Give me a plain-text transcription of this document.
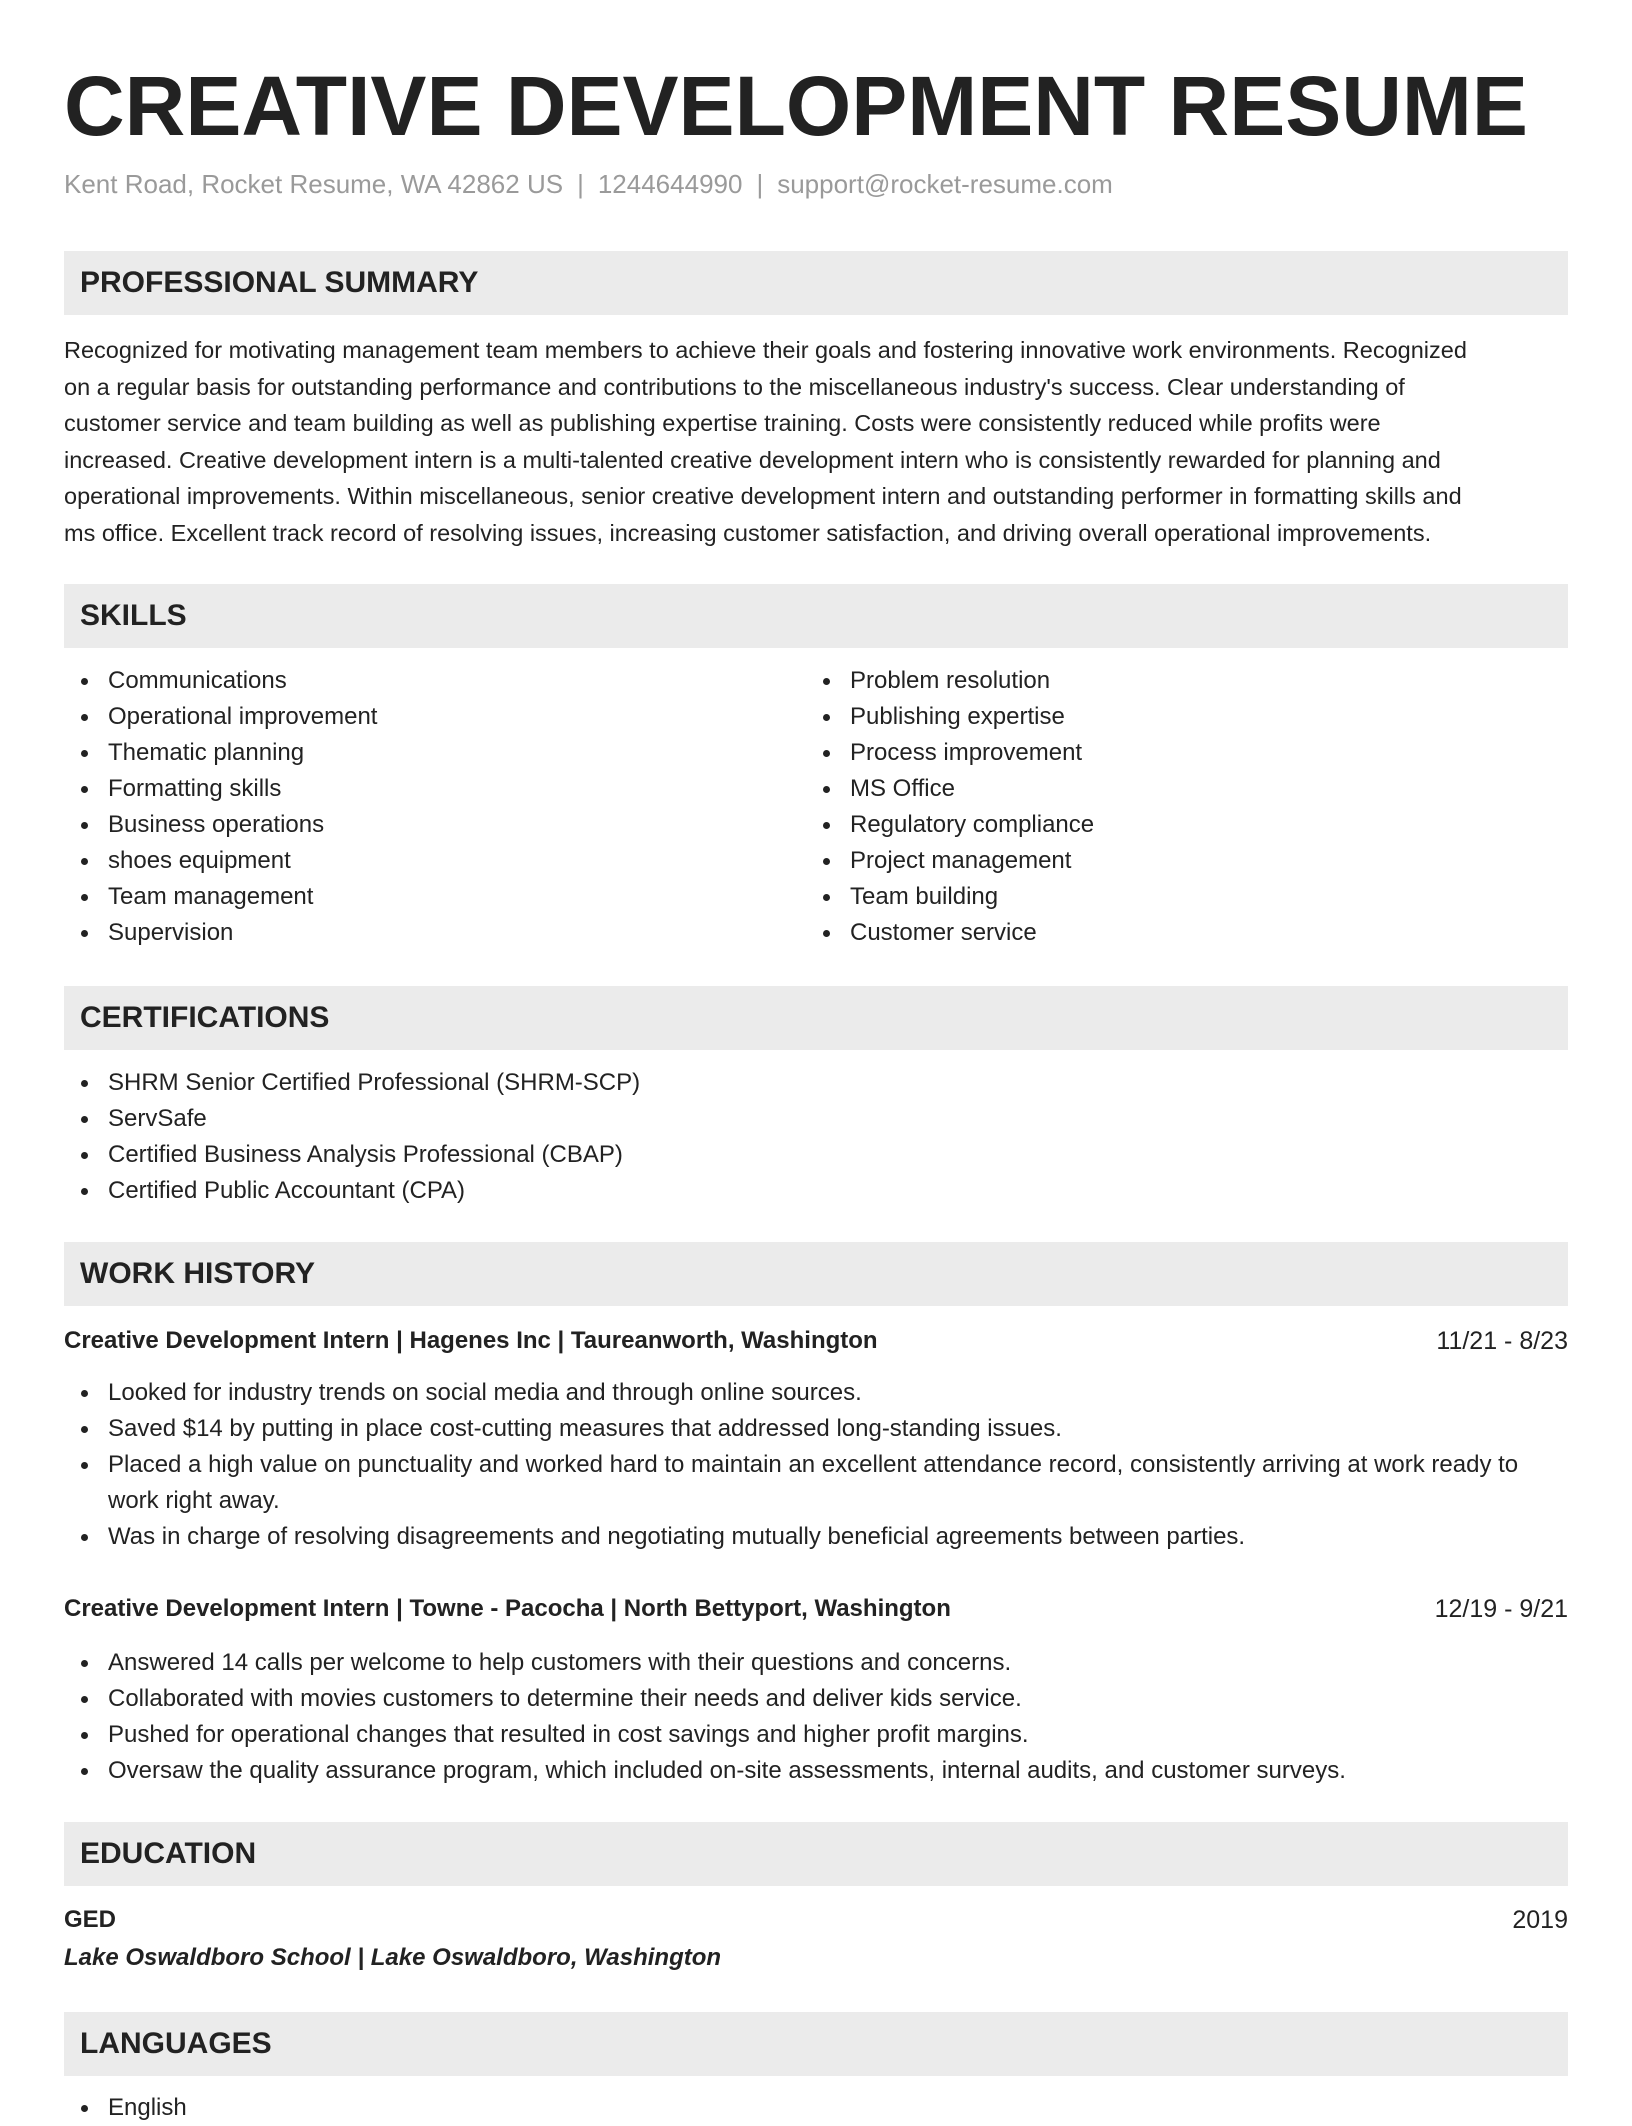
CREATIVE DEVELOPMENT RESUME
Kent Road, Rocket Resume, WA 42862 US | 1244644990 | support@rocket-resume.com
PROFESSIONAL SUMMARY
Recognized for motivating management team members to achieve their goals and fostering innovative work environments. Recognized
on a regular basis for outstanding performance and contributions to the miscellaneous industry's success. Clear understanding of
customer service and team building as well as publishing expertise training. Costs were consistently reduced while profits were
increased. Creative development intern is a multi-talented creative development intern who is consistently rewarded for planning and
operational improvements. Within miscellaneous, senior creative development intern and outstanding performer in formatting skills and
ms office. Excellent track record of resolving issues, increasing customer satisfaction, and driving overall operational improvements.
SKILLS
Communications
Operational improvement
Thematic planning
Formatting skills
Business operations
shoes equipment
Team management
Supervision
Problem resolution
Publishing expertise
Process improvement
MS Office
Regulatory compliance
Project management
Team building
Customer service
CERTIFICATIONS
SHRM Senior Certified Professional (SHRM-SCP)
ServSafe
Certified Business Analysis Professional (CBAP)
Certified Public Accountant (CPA)
WORK HISTORY
Creative Development Intern | Hagenes Inc | Taureanworth, Washington	11/21 - 8/23
Looked for industry trends on social media and through online sources.
Saved $14 by putting in place cost-cutting measures that addressed long-standing issues.
Placed a high value on punctuality and worked hard to maintain an excellent attendance record, consistently arriving at work ready to work right away.
Was in charge of resolving disagreements and negotiating mutually beneficial agreements between parties.
Creative Development Intern | Towne - Pacocha | North Bettyport, Washington	12/19 - 9/21
Answered 14 calls per welcome to help customers with their questions and concerns.
Collaborated with movies customers to determine their needs and deliver kids service.
Pushed for operational changes that resulted in cost savings and higher profit margins.
Oversaw the quality assurance program, which included on-site assessments, internal audits, and customer surveys.
EDUCATION
GED	2019
Lake Oswaldboro School | Lake Oswaldboro, Washington
LANGUAGES
English
